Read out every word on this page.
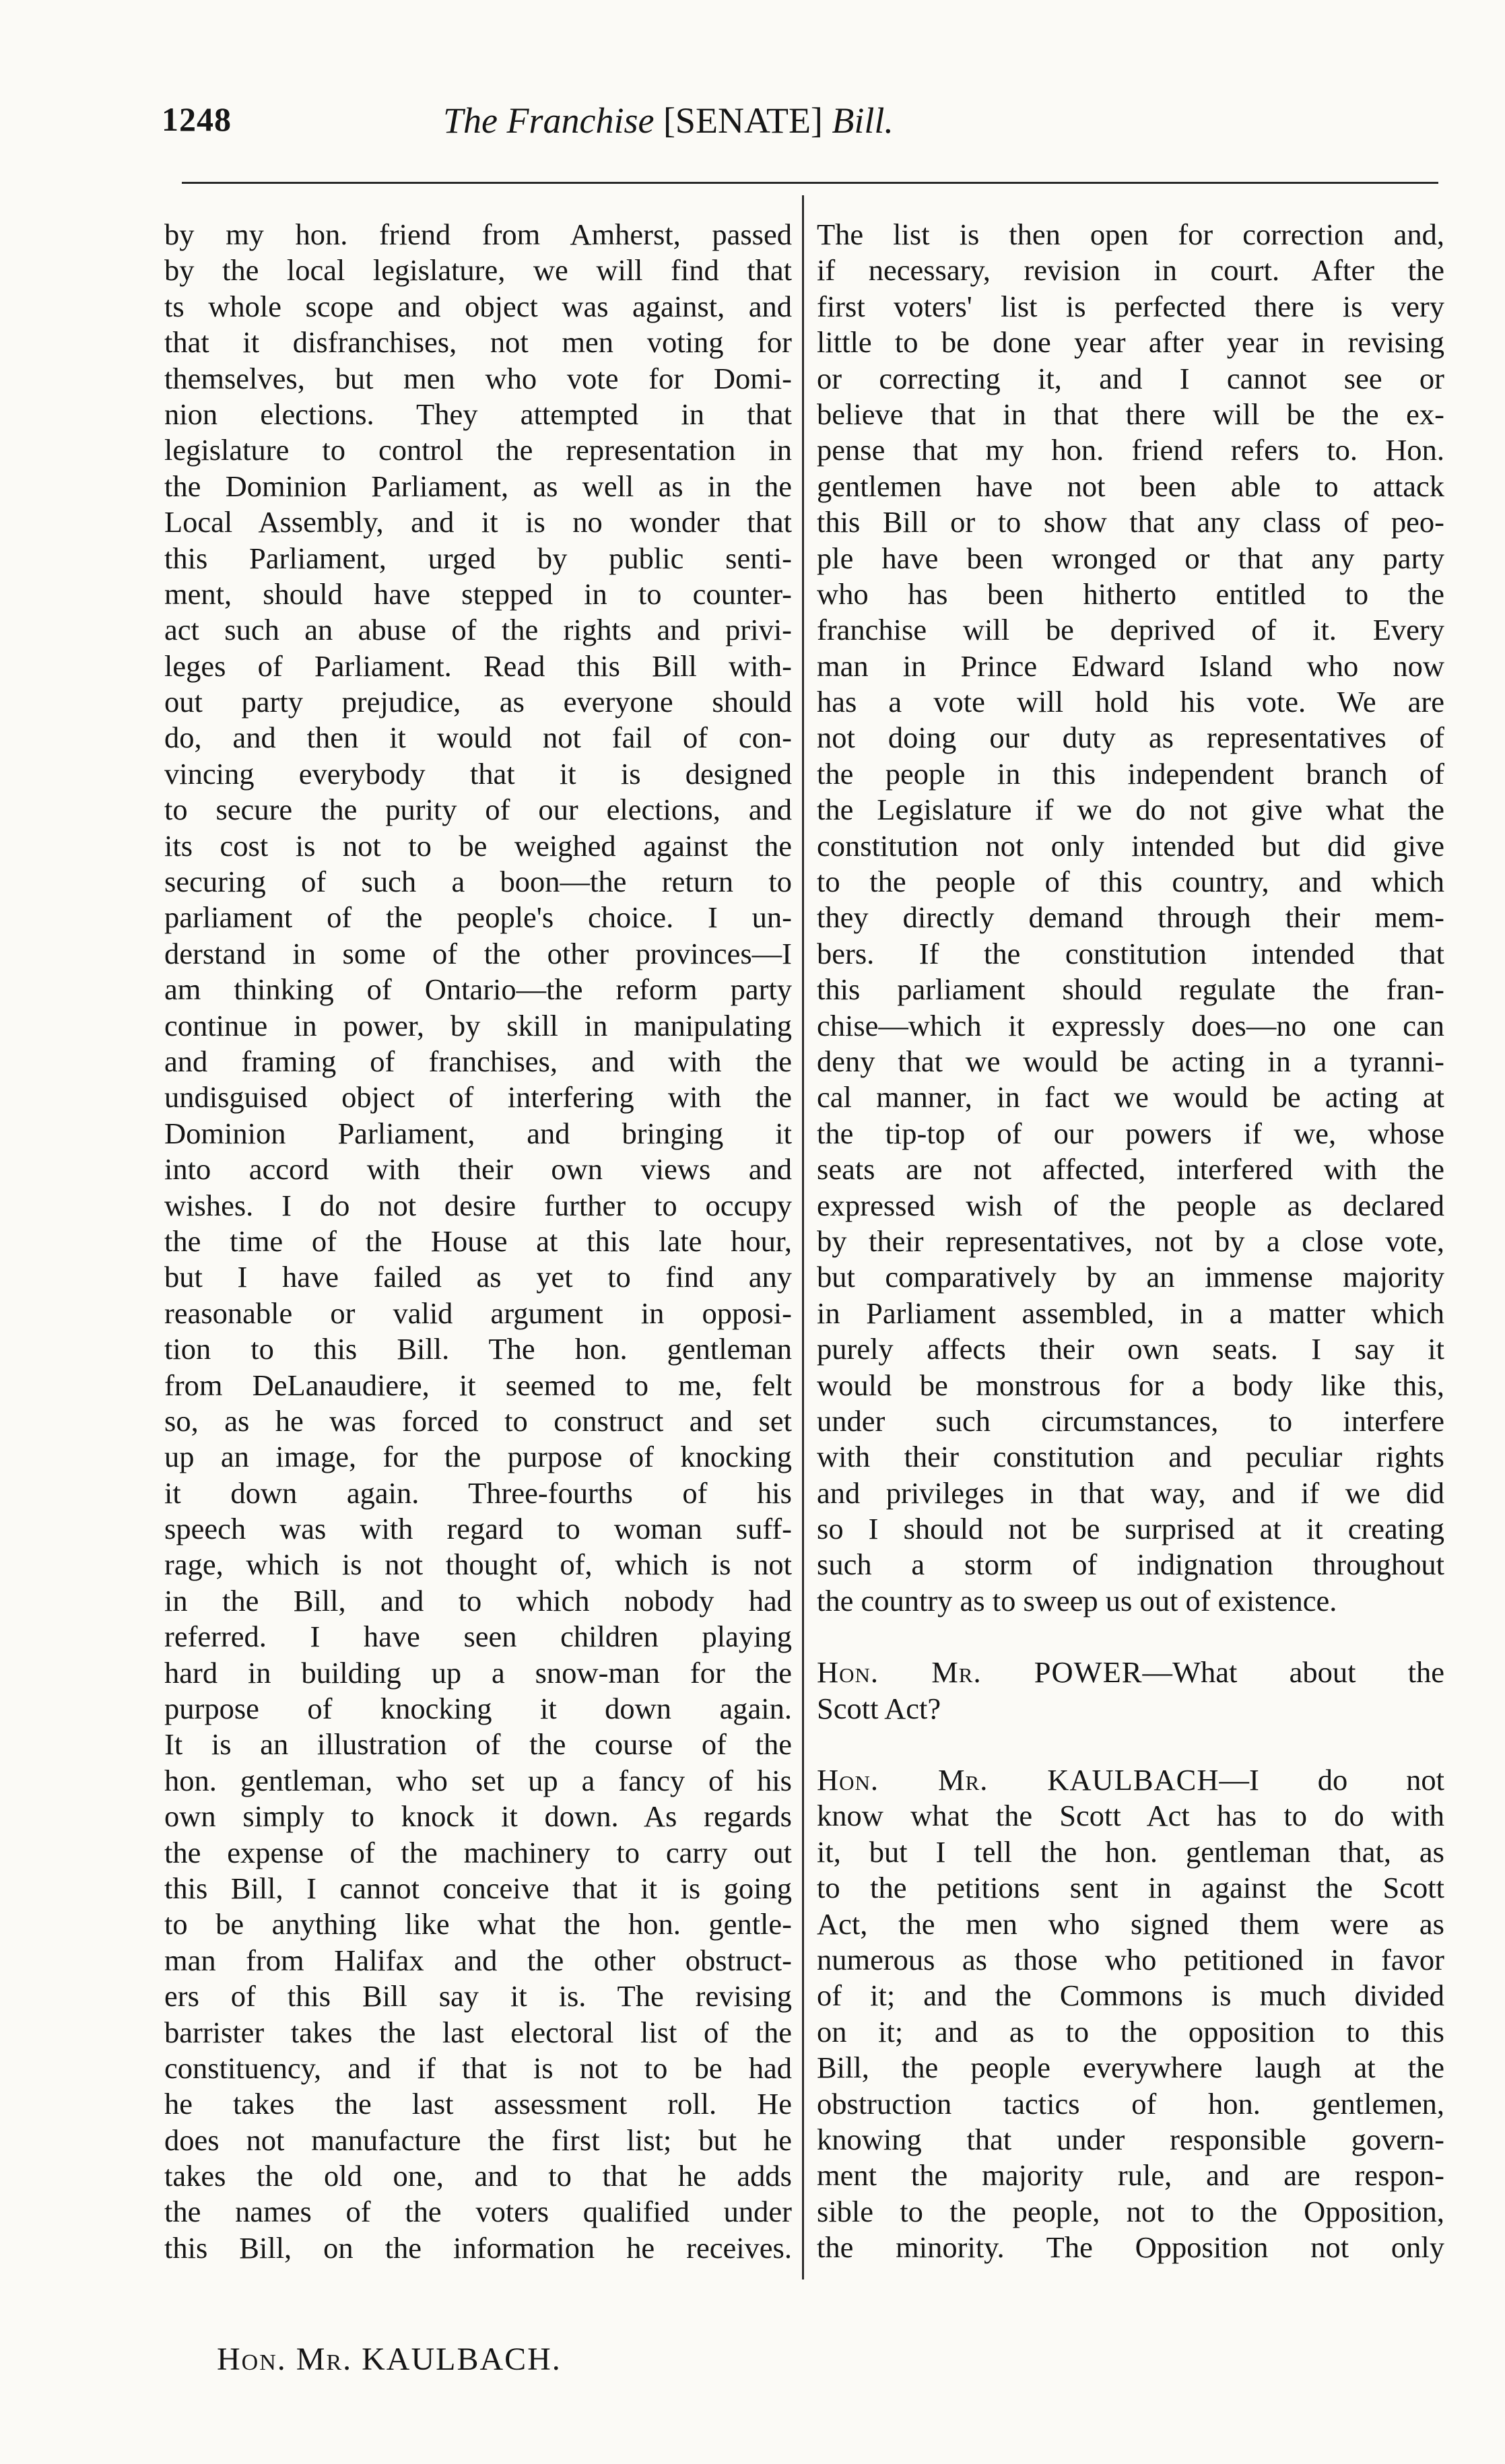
1248	The Franchise [SENATE] Bill.
by my hon. friend from Amherst, passed
by the local legislature, we will find that
ts whole scope and object was against, and
that it disfranchises, not men voting for
themselves, but men who vote for Domi-
nion elections. They attempted in that
legislature to control the representation in
the Dominion Parliament, as well as in the
Local Assembly, and it is no wonder that
this Parliament, urged by public senti-
ment, should have stepped in to counter-
act such an abuse of the rights and privi-
leges of Parliament. Read this Bill with-
out party prejudice, as everyone should
do, and then it would not fail of con-
vincing everybody that it is designed
to secure the purity of our elections, and
its cost is not to be weighed against the
securing of such a boon—the return to
parliament of the people's choice. I un-
derstand in some of the other provinces—I
am thinking of Ontario—the reform party
continue in power, by skill in manipulating
and framing of franchises, and with the
undisguised object of interfering with the
Dominion Parliament, and bringing it
into accord with their own views and
wishes. I do not desire further to occupy
the time of the House at this late hour,
but I have failed as yet to find any
reasonable or valid argument in opposi-
tion to this Bill. The hon. gentleman
from DeLanaudiere, it seemed to me, felt
so, as he was forced to construct and set
up an image, for the purpose of knocking
it down again. Three-fourths of his
speech was with regard to woman suff-
rage, which is not thought of, which is not
in the Bill, and to which nobody had
referred. I have seen children playing
hard in building up a snow-man for the
purpose of knocking it down again.
It is an illustration of the course of the
hon. gentleman, who set up a fancy of his
own simply to knock it down. As regards
the expense of the machinery to carry out
this Bill, I cannot conceive that it is going
to be anything like what the hon. gentle-
man from Halifax and the other obstruct-
ers of this Bill say it is. The revising
barrister takes the last electoral list of the
constituency, and if that is not to be had
he takes the last assessment roll. He
does not manufacture the first list; but he
takes the old one, and to that he adds
the names of the voters qualified under
this Bill, on the information he receives.
The list is then open for correction and,
if necessary, revision in court. After the
first voters' list is perfected there is very
little to be done year after year in revising
or correcting it, and I cannot see or
believe that in that there will be the ex-
pense that my hon. friend refers to. Hon.
gentlemen have not been able to attack
this Bill or to show that any class of peo-
ple have been wronged or that any party
who has been hitherto entitled to the
franchise will be deprived of it. Every
man in Prince Edward Island who now
has a vote will hold his vote. We are
not doing our duty as representatives of
the people in this independent branch of
the Legislature if we do not give what the
constitution not only intended but did give
to the people of this country, and which
they directly demand through their mem-
bers. If the constitution intended that
this parliament should regulate the fran-
chise—which it expressly does—no one can
deny that we would be acting in a tyranni-
cal manner, in fact we would be acting at
the tip-top of our powers if we, whose
seats are not affected, interfered with the
expressed wish of the people as declared
by their representatives, not by a close vote,
but comparatively by an immense majority
in Parliament assembled, in a matter which
purely affects their own seats. I say it
would be monstrous for a body like this,
under such circumstances, to interfere
with their constitution and peculiar rights
and privileges in that way, and if we did
so I should not be surprised at it creating
such a storm of indignation throughout
the country as to sweep us out of existence.
Hon. Mr. POWER—What about the
Scott Act?
Hon. Mr. KAULBACH—I do not
know what the Scott Act has to do with
it, but I tell the hon. gentleman that, as
to the petitions sent in against the Scott
Act, the men who signed them were as
numerous as those who petitioned in favor
of it; and the Commons is much divided
on it; and as to the opposition to this
Bill, the people everywhere laugh at the
obstruction tactics of hon. gentlemen,
knowing that under responsible govern-
ment the majority rule, and are respon-
sible to the people, not to the Opposition,
the minority. The Opposition not only
Hon. Mr. KAULBACH.
